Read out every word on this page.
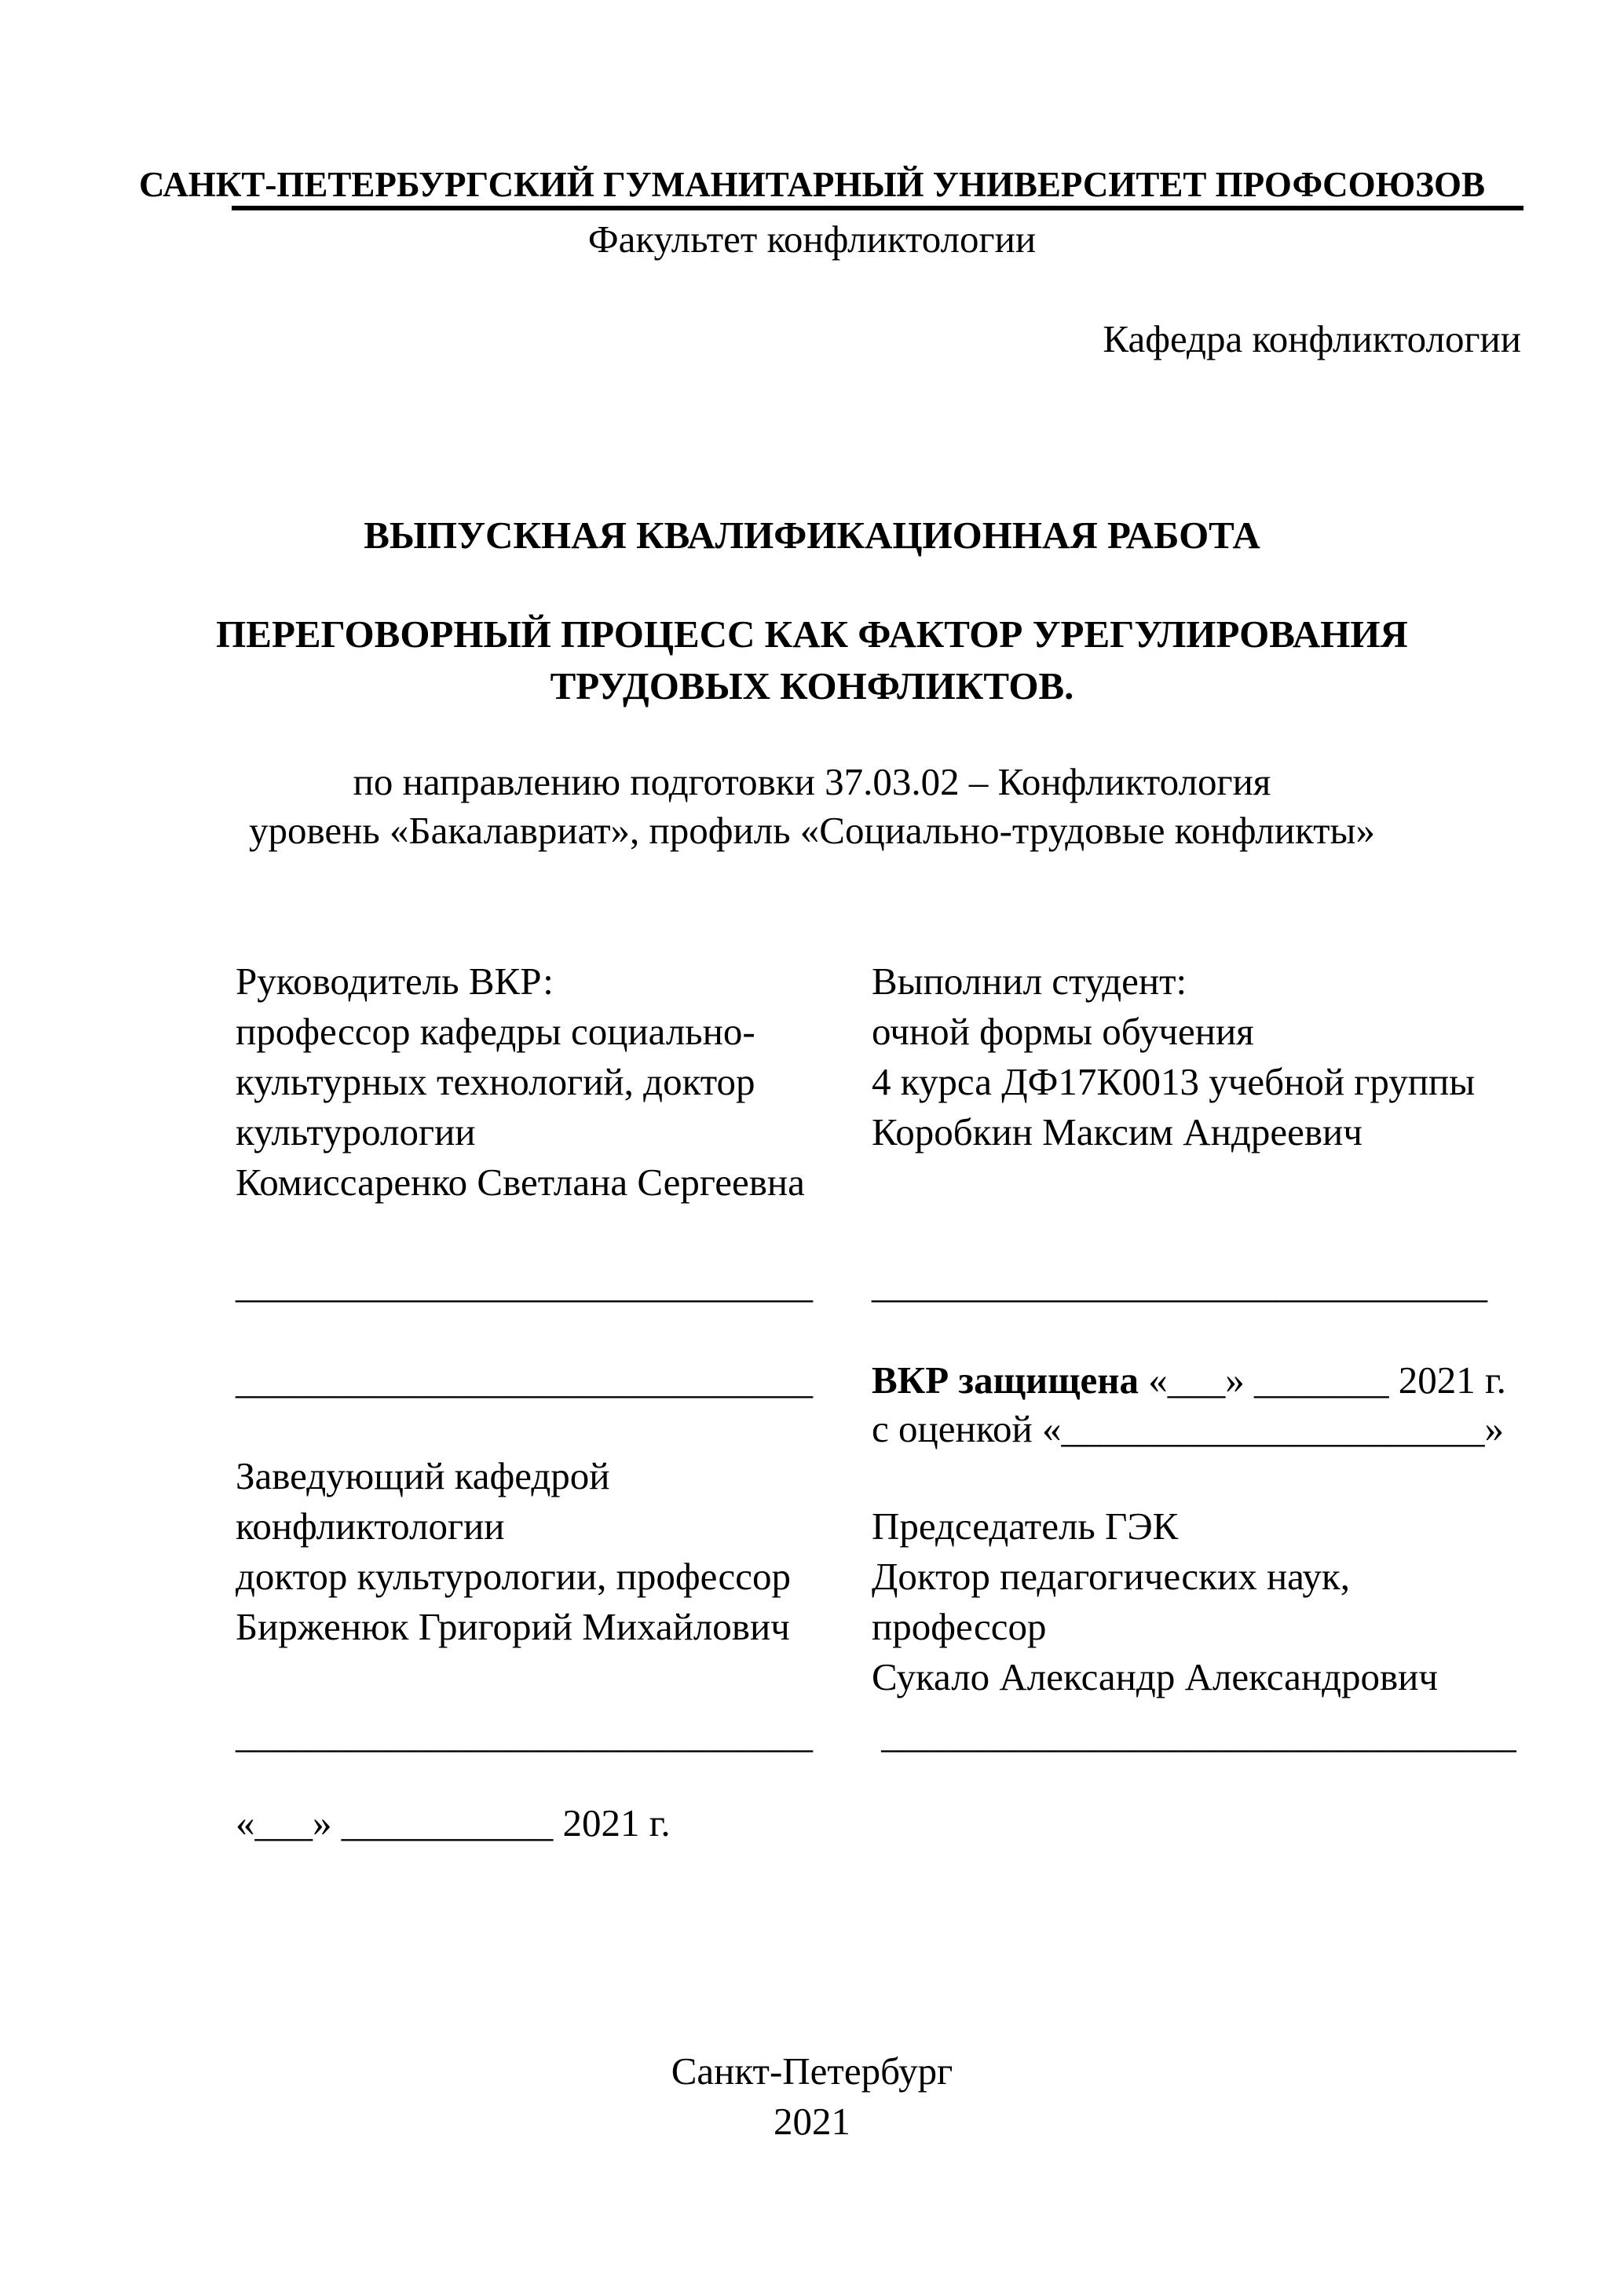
САНКТ-ПЕТЕРБУРГСКИЙ ГУМАНИТАРНЫЙ УНИВЕРСИТЕТ ПРОФСОЮЗОВ
Факультет конфликтологии
Кафедра конфликтологии
ВЫПУСКНАЯ КВАЛИФИКАЦИОННАЯ РАБОТА
ПЕРЕГОВОРНЫЙ ПРОЦЕСС КАК ФАКТОР УРЕГУЛИРОВАНИЯ
ТРУДОВЫХ КОНФЛИКТОВ.
по направлению подготовки 37.03.02 – Конфликтология
уровень «Бакалавриат», профиль «Социально-трудовые конфликты»
Руководитель ВКР:
профессор кафедры социально-
культурных технологий, доктор
культурологии
Комиссаренко Светлана Сергеевна
______________________________
______________________________
Выполнил студент:
очной формы обучения
4 курса ДФ17К0013 учебной группы
Коробкин Максим Андреевич
________________________________
ВКР защищена «___» _______ 2021 г.
с оценкой «______________________»
Заведующий кафедрой
конфликтологии
доктор культурологии, профессор
Бирженюк Григорий Михайлович
______________________________
Председатель ГЭК
Доктор педагогических наук,
профессор
Сукало Александр Александрович
_________________________________
«___» ___________ 2021 г.
Санкт-Петербург
2021
